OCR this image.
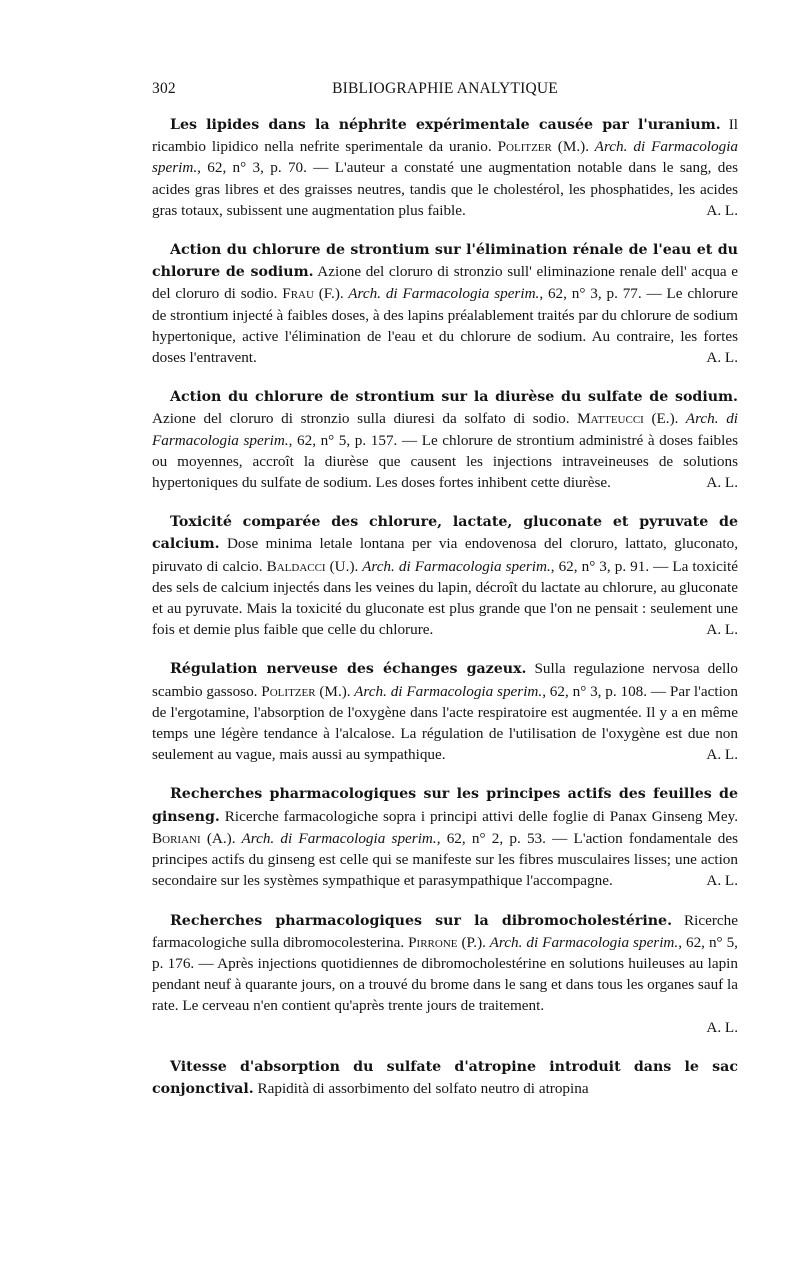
302	BIBLIOGRAPHIE ANALYTIQUE

Les lipides dans la néphrite expérimentale causée par l'uranium. Il ricambio lipidico nella nefrite sperimentale da uranio. Politzer (M.). Arch. di Farmacologia sperim., 62, n° 3, p. 70. — L'auteur a constaté une augmentation notable dans le sang, des acides gras libres et des graisses neutres, tandis que le cholestérol, les phosphatides, les acides gras totaux, subissent une augmentation plus faible.	A. L.

Action du chlorure de strontium sur l'élimination rénale de l'eau et du chlorure de sodium. Azione del cloruro di stronzio sull' eliminazione renale dell' acqua e del cloruro di sodio. Frau (F.). Arch. di Farmacologia sperim., 62, n° 3, p. 77. — Le chlorure de strontium injecté à faibles doses, à des lapins préalablement traités par du chlorure de sodium hypertonique, active l'élimination de l'eau et du chlorure de sodium. Au contraire, les fortes doses l'entravent.	A. L.

Action du chlorure de strontium sur la diurèse du sulfate de sodium. Azione del cloruro di stronzio sulla diuresi da solfato di sodio. Matteucci (E.). Arch. di Farmacologia sperim., 62, n° 5, p. 157. — Le chlorure de strontium administré à doses faibles ou moyennes, accroît la diurèse que causent les injections intraveineuses de solutions hypertoniques du sulfate de sodium. Les doses fortes inhibent cette diurèse.	A. L.

Toxicité comparée des chlorure, lactate, gluconate et pyruvate de calcium. Dose minima letale lontana per via endovenosa del cloruro, lattato, gluconato, piruvato di calcio. Baldacci (U.). Arch. di Farmacologia sperim., 62, n° 3, p. 91. — La toxicité des sels de calcium injectés dans les veines du lapin, décroît du lactate au chlorure, au gluconate et au pyruvate. Mais la toxicité du gluconate est plus grande que l'on ne pensait : seulement une fois et demie plus faible que celle du chlorure.	A. L.

Régulation nerveuse des échanges gazeux. Sulla regulazione nervosa dello scambio gassoso. Politzer (M.). Arch. di Farmacologia sperim., 62, n° 3, p. 108. — Par l'action de l'ergotamine, l'absorption de l'oxygène dans l'acte respiratoire est augmentée. Il y a en même temps une légère tendance à l'alcalose. La régulation de l'utilisation de l'oxygène est due non seulement au vague, mais aussi au sympathique.	A. L.

Recherches pharmacologiques sur les principes actifs des feuilles de ginseng. Ricerche farmacologiche sopra i principi attivi delle foglie di Panax Ginseng Mey. Boriani (A.). Arch. di Farmacologia sperim., 62, n° 2, p. 53. — L'action fondamentale des principes actifs du ginseng est celle qui se manifeste sur les fibres musculaires lisses; une action secondaire sur les systèmes sympathique et parasympathique l'accompagne.	A. L.

Recherches pharmacologiques sur la dibromocholestérine. Ricerche farmacologiche sulla dibromocolesterina. Pirrone (P.). Arch. di Farmacologia sperim., 62, n° 5, p. 176. — Après injections quotidiennes de dibromocholestérine en solutions huileuses au lapin pendant neuf à quarante jours, on a trouvé du brome dans le sang et dans tous les organes sauf la rate. Le cerveau n'en contient qu'après trente jours de traitement.

A. L.

Vitesse d'absorption du sulfate d'atropine introduit dans le sac conjonctival. Rapidità di assorbimento del solfato neutro di atropina
